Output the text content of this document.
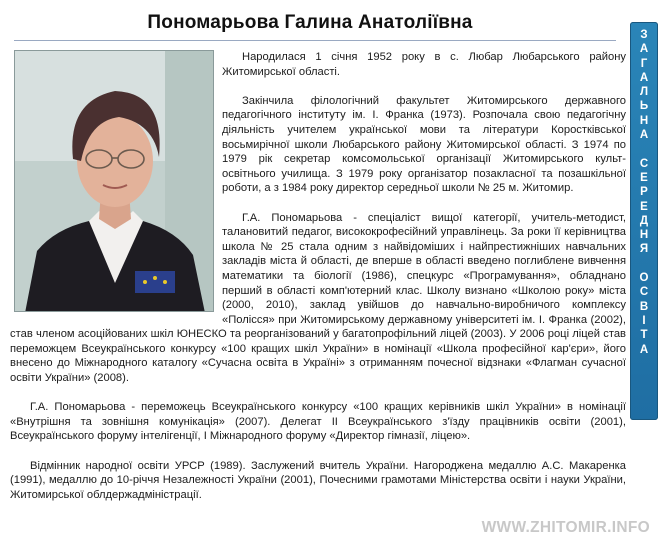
Пономарьова Галина Анатоліївна

Народилася 1 січня 1952 року в с. Любар Любарського району Житомирської області.

Закінчила філологічний факультет Житомирського державного педагогічного інституту ім. І. Франка (1973). Розпочала свою педагогічну діяльність учителем української мови та літератури Коростківської восьмирічної школи Любарського району Житомирської області. З 1974 по 1979 рік секретар комсомольської організації Житомирського культ-освітнього училища. З 1979 року організатор позакласної та позашкільної роботи, а з 1984 року директор середньої школи № 25 м. Житомир.

Г.А. Пономарьова - спеціаліст вищої категорії, учитель-методист, талановитий педагог, висококрофесійний управлінець. За роки її керівництва школа № 25 стала одним з найвідоміших і найпрестижніших навчальних закладів міста й області, де вперше в області введено поглиблене вивчення математики та біології (1986), спецкурс «Програмування», обладнано перший в області комп'ютерний клас. Школу визнано «Школою року» міста (2000, 2010), заклад увійшов до навчально-виробничого комплексу «Полісся» при Житомирському державному університеті ім. І. Франка (2002), став членом асоційованих шкіл ЮНЕСКО та реорганізований у багатопрофільний ліцей (2003). У 2006 році ліцей став переможцем Всеукраїнського конкурсу «100 кращих шкіл України» в номінації «Школа професійної кар'єри», його внесено до Міжнародного каталогу «Сучасна освіта в Україні» з отриманням почесної відзнаки «Флагман сучасної освіти України» (2008).

Г.А. Пономарьова - переможець Всеукраїнського конкурсу «100 кращих керівників шкіл України» в номінації «Внутрішня та зовнішня комунікація» (2007). Делегат ІІ Всеукраїнського з'їзду працівників освіти (2001), Всеукраїнського форуму інтелігенції, І Міжнародного форуму «Директор гімназії, ліцею».

Відмінник народної освіти УРСР (1989). Заслужений вчитель України. Нагороджена медаллю А.С. Макаренка (1991), медаллю до 10-річчя Незалежності України (2001), Почесними грамотами Міністерства освіти і науки України, Житомирської облдержадміністрації.

З
А
Г
А
Л
Ь
Н
А

С
Е
Р
Е
Д
Н
Я

О
С
В
І
Т
А
WWW.ZHITOMIR.INFO
